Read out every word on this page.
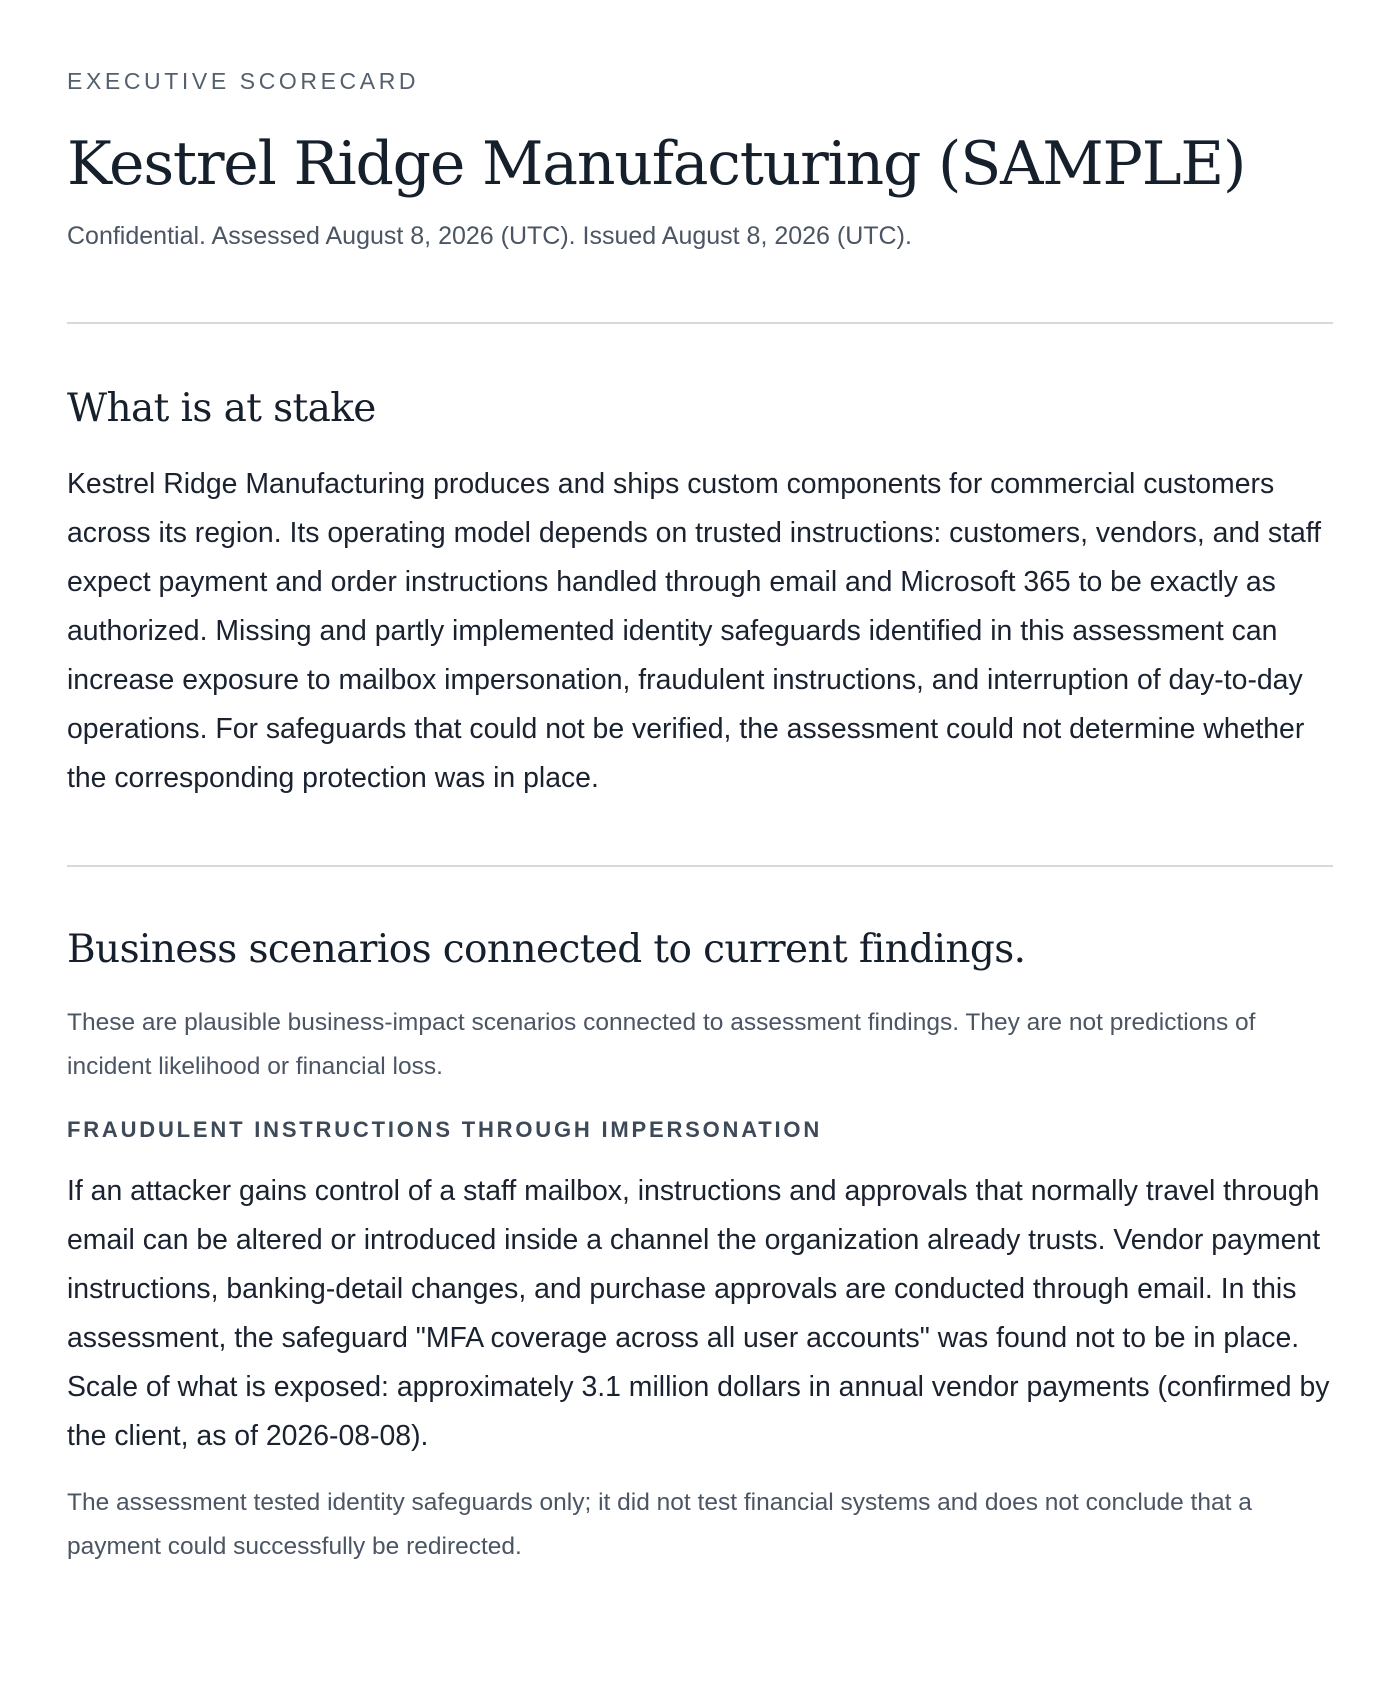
EXECUTIVE SCORECARD
Kestrel Ridge Manufacturing (SAMPLE)

Confidential. Assessed August 8, 2026 (UTC). Issued August 8, 2026 (UTC).

What is at stake

Kestrel Ridge Manufacturing produces and ships custom components for commercial customers across its region. Its operating model depends on trusted instructions: customers, vendors, and staff expect payment and order instructions handled through email and Microsoft 365 to be exactly as authorized. Missing and partly implemented identity safeguards identified in this assessment can increase exposure to mailbox impersonation, fraudulent instructions, and interruption of day-to-day operations. For safeguards that could not be verified, the assessment could not determine whether the corresponding protection was in place.

Business scenarios connected to current findings.

These are plausible business-impact scenarios connected to assessment findings. They are not predictions of incident likelihood or financial loss.

FRAUDULENT INSTRUCTIONS THROUGH IMPERSONATION

If an attacker gains control of a staff mailbox, instructions and approvals that normally travel through email can be altered or introduced inside a channel the organization already trusts. Vendor payment instructions, banking-detail changes, and purchase approvals are conducted through email. In this assessment, the safeguard "MFA coverage across all user accounts" was found not to be in place. Scale of what is exposed: approximately 3.1 million dollars in annual vendor payments (confirmed by the client, as of 2026-08-08).

The assessment tested identity safeguards only; it did not test financial systems and does not conclude that a payment could successfully be redirected.
